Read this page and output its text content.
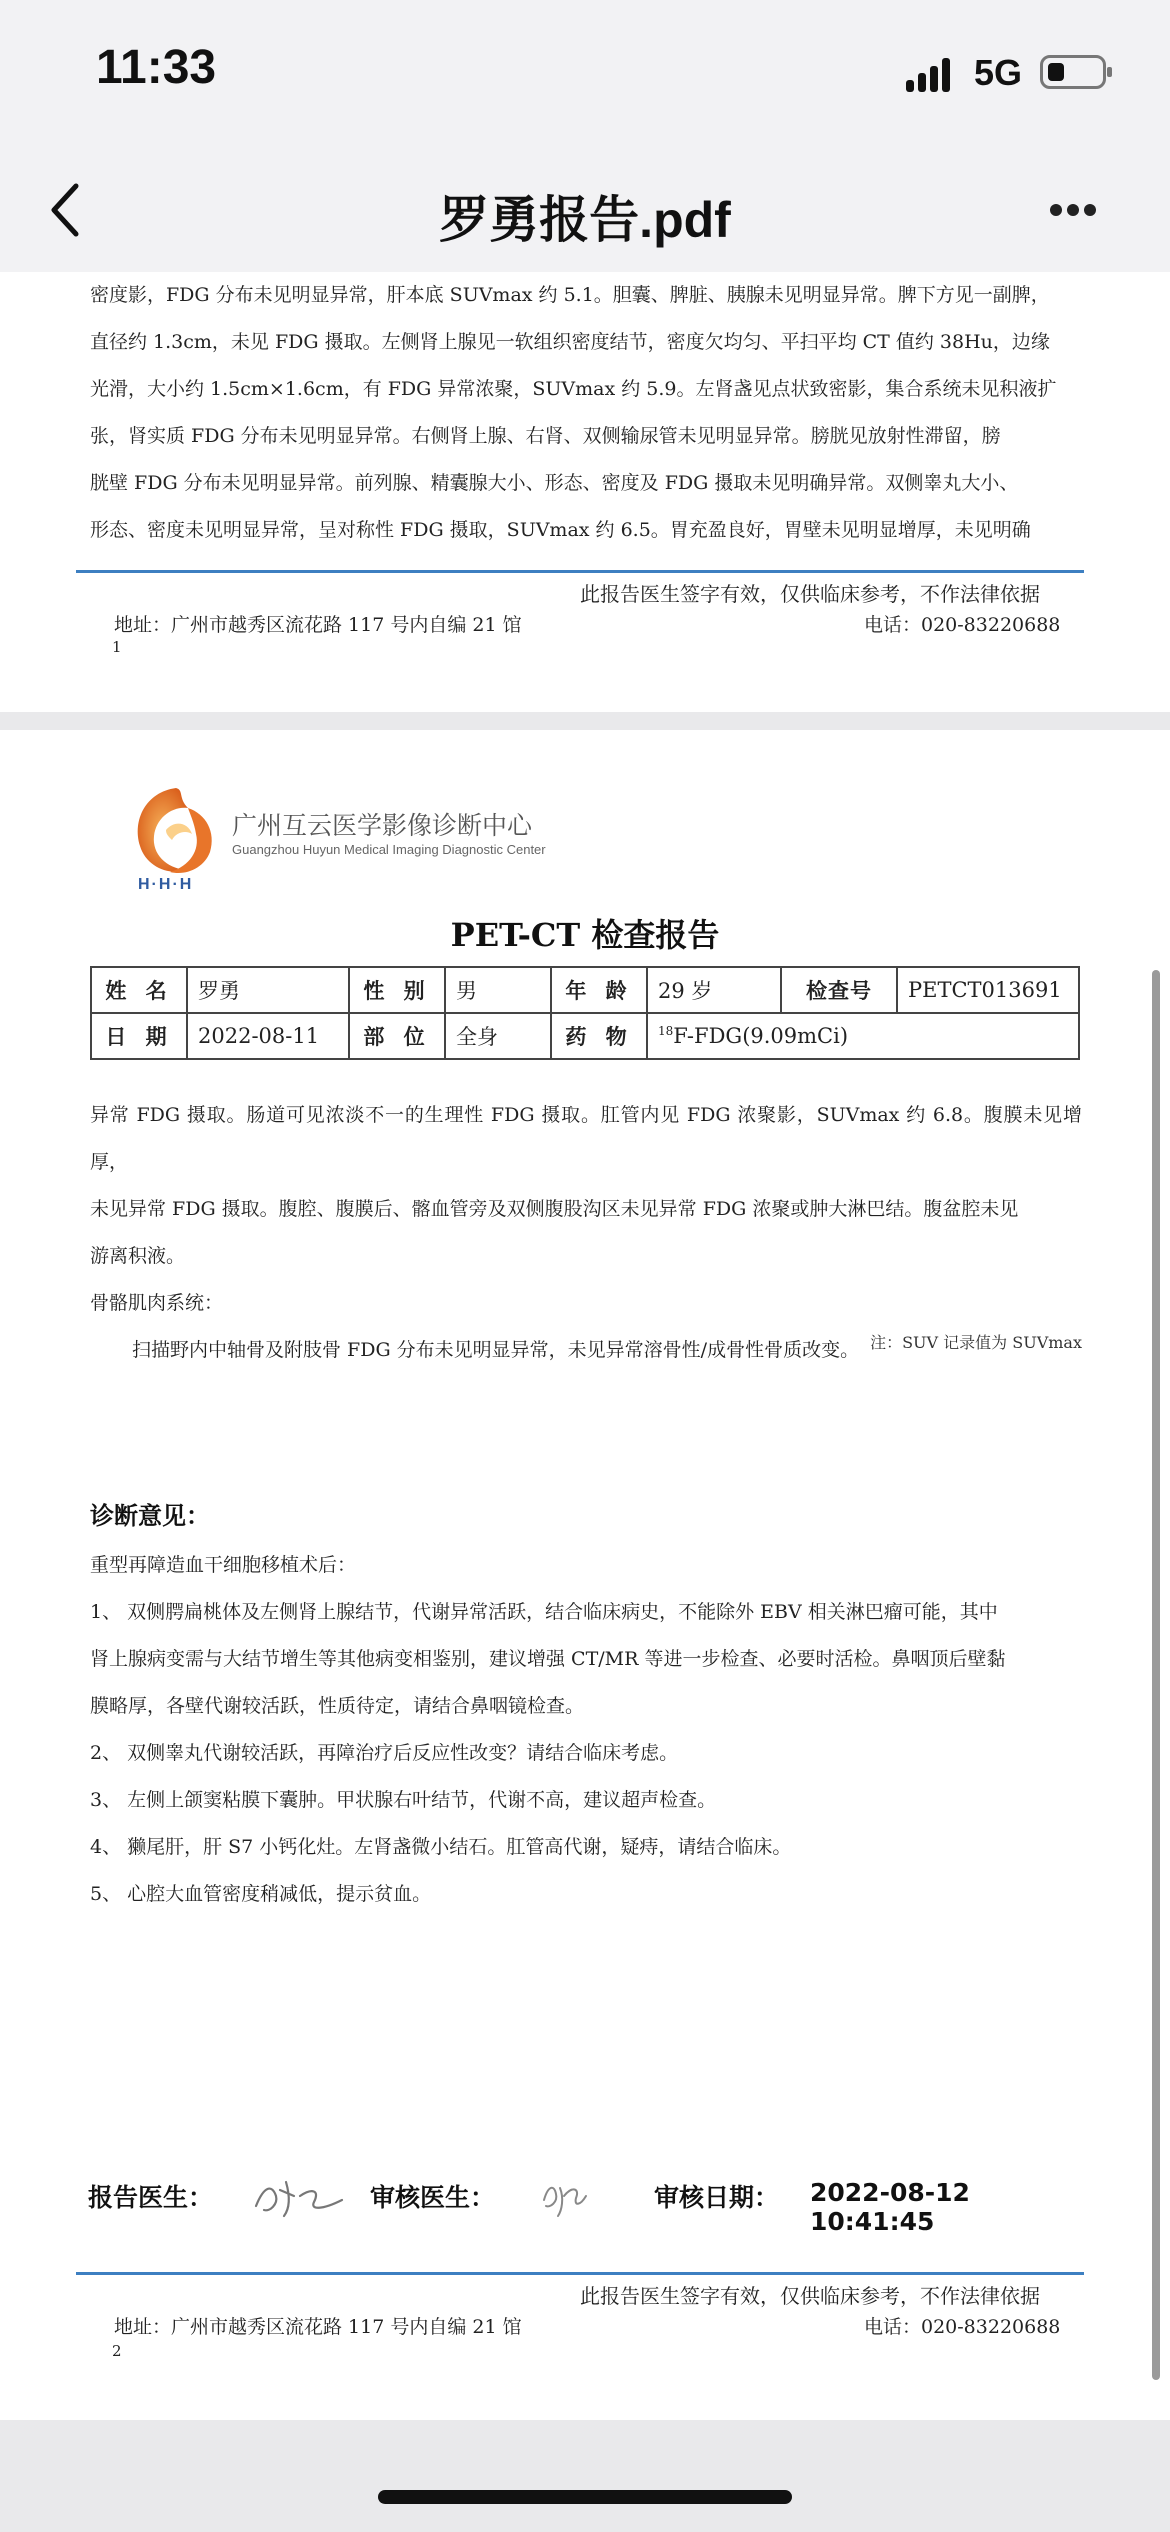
11:33	5G
罗勇报告.pdf

密度影，FDG 分布未见明显异常，肝本底 SUVmax 约 5.1。胆囊、脾脏、胰腺未见明显异常。脾下方见一副脾，

直径约 1.3cm，未见 FDG 摄取。左侧肾上腺见一软组织密度结节，密度欠均匀、平扫平均 CT 值约 38Hu，边缘

光滑，大小约 1.5cm×1.6cm，有 FDG 异常浓聚，SUVmax 约 5.9。左肾盏见点状致密影，集合系统未见积液扩

张，肾实质 FDG 分布未见明显异常。右侧肾上腺、右肾、双侧输尿管未见明显异常。膀胱见放射性滞留，膀

胱壁 FDG 分布未见明显异常。前列腺、精囊腺大小、形态、密度及 FDG 摄取未见明确异常。双侧睾丸大小、

形态、密度未见明显异常，呈对称性 FDG 摄取，SUVmax 约 6.5。胃充盈良好，胃壁未见明显增厚，未见明确

此报告医生签字有效，仅供临床参考，不作法律依据
地址：广州市越秀区流花路 117 号内自编 21 馆	电话：020-83220688
1
广州互云医学影像诊断中心
Guangzhou Huyun Medical Imaging Diagnostic Center
H·H·H
PET-CT 检查报告
姓 名	罗勇	性 别	男	年 龄	29 岁	检查号	PETCT013691
日 期	2022-08-11	部 位	全身	药 物	$^{18}$F-FDG(9.09mCi)		

异常 FDG 摄取。肠道可见浓淡不一的生理性 FDG 摄取。肛管内见 FDG 浓聚影，SUVmax 约 6.8。腹膜未见增厚，

未见异常 FDG 摄取。腹腔、腹膜后、髂血管旁及双侧腹股沟区未见异常 FDG 浓聚或肿大淋巴结。腹盆腔未见

游离积液。

骨骼肌肉系统：

扫描野内中轴骨及附肢骨 FDG 分布未见明显异常，未见异常溶骨性/成骨性骨质改变。 注：SUV 记录值为 SUVmax
诊断意见：

重型再障造血干细胞移植术后：

1、 双侧腭扁桃体及左侧肾上腺结节，代谢异常活跃，结合临床病史，不能除外 EBV 相关淋巴瘤可能，其中

肾上腺病变需与大结节增生等其他病变相鉴别，建议增强 CT/MR 等进一步检查、必要时活检。鼻咽顶后壁黏

膜略厚，各壁代谢较活跃，性质待定，请结合鼻咽镜检查。

2、 双侧睾丸代谢较活跃，再障治疗后反应性改变？请结合临床考虑。

3、 左侧上颌窦粘膜下囊肿。甲状腺右叶结节，代谢不高，建议超声检查。

4、 獭尾肝，肝 S7 小钙化灶。左肾盏微小结石。肛管高代谢，疑痔，请结合临床。

5、 心腔大血管密度稍减低，提示贫血。

报告医生：	审核医生：	审核日期： 2022-08-12 10:41:45
此报告医生签字有效，仅供临床参考，不作法律依据
地址：广州市越秀区流花路 117 号内自编 21 馆	电话：020-83220688
2
